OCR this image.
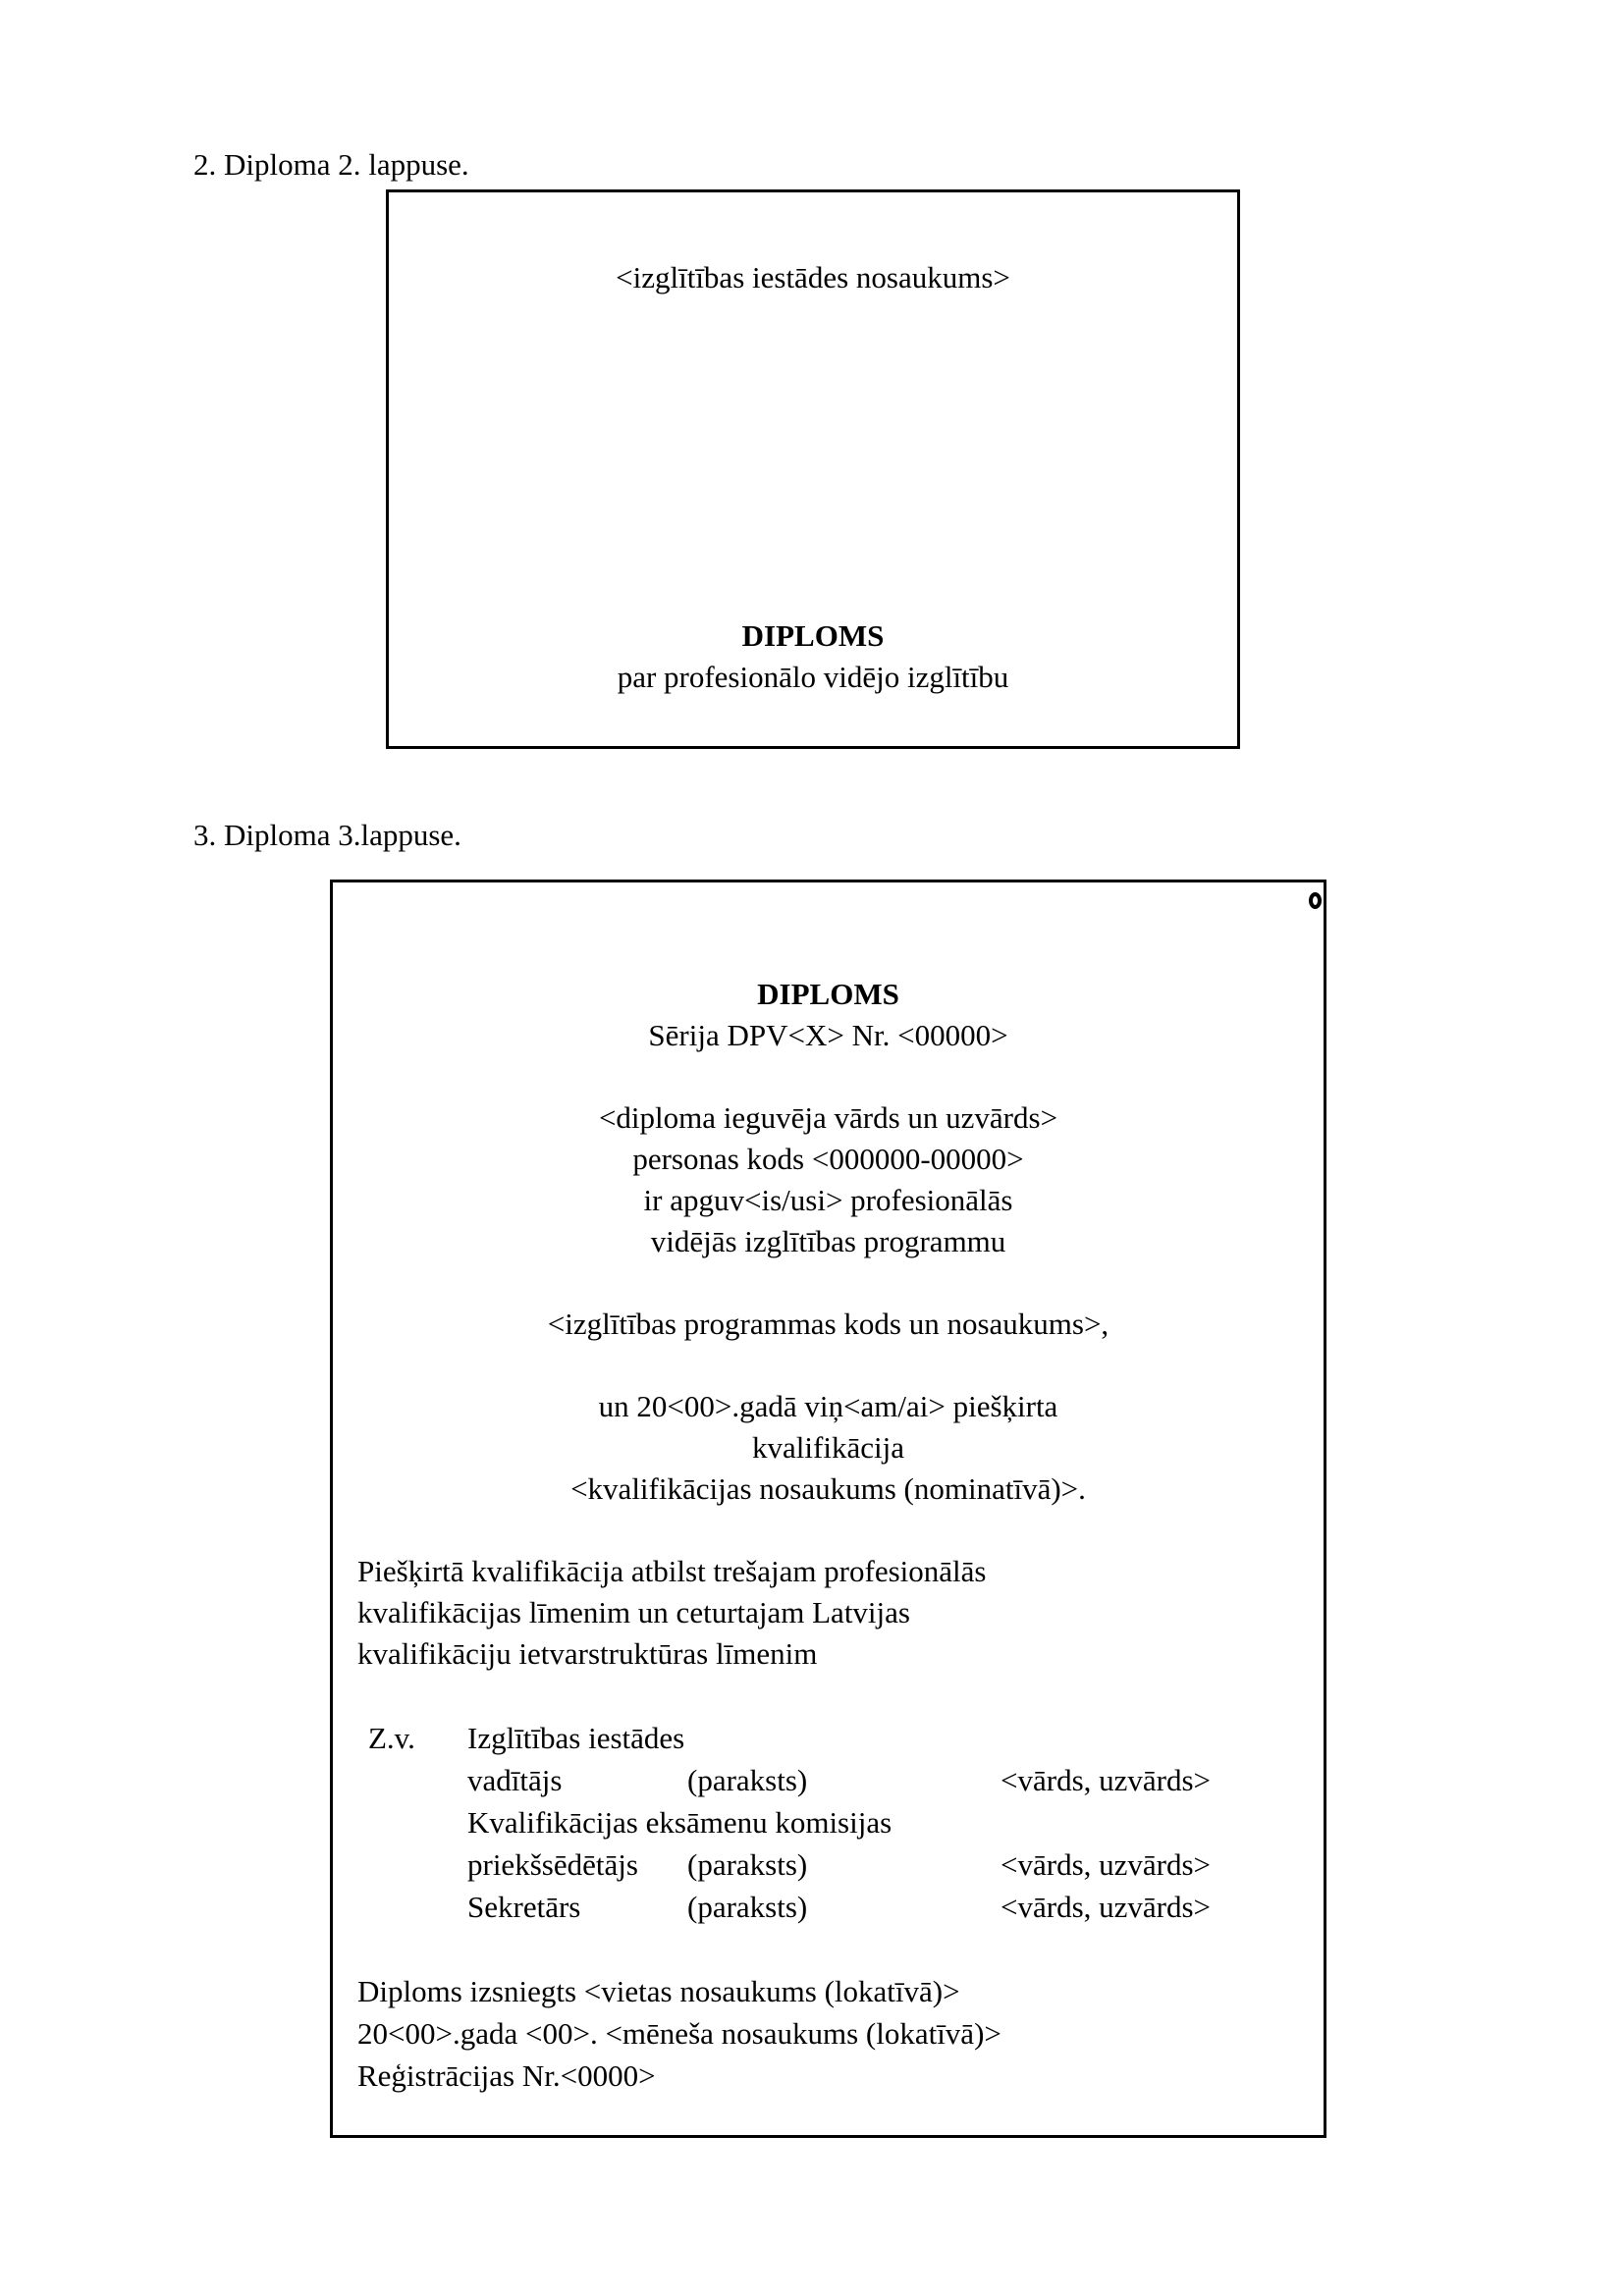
2. Diploma 2. lappuse.
<izglītības iestādes nosaukums>
DIPLOMS
par profesionālo vidējo izglītību
3. Diploma 3.lappuse.
DIPLOMS
Sērija DPV<X> Nr. <00000>
<diploma ieguvēja vārds un uzvārds>
personas kods <000000-00000>
ir apguv<is/usi> profesionālās
vidējās izglītības programmu
<izglītības programmas kods un nosaukums>,
un 20<00>.gadā viņ<am/ai> piešķirta
kvalifikācija
<kvalifikācijas nosaukums (nominatīvā)>.
Piešķirtā kvalifikācija atbilst trešajam profesionālās
kvalifikācijas līmenim un ceturtajam Latvijas
kvalifikāciju ietvarstruktūras līmenim
Z.v. Izglītības iestādes
vadītājs	(paraksts)	<vārds, uzvārds>
Kvalifikācijas eksāmenu komisijas
priekšsēdētājs (paraksts)	<vārds, uzvārds>
Sekretārs	(paraksts)	<vārds, uzvārds>
Diploms izsniegts <vietas nosaukums (lokatīvā)>
20<00>.gada <00>. <mēneša nosaukums (lokatīvā)>
Reģistrācijas Nr.<0000>
